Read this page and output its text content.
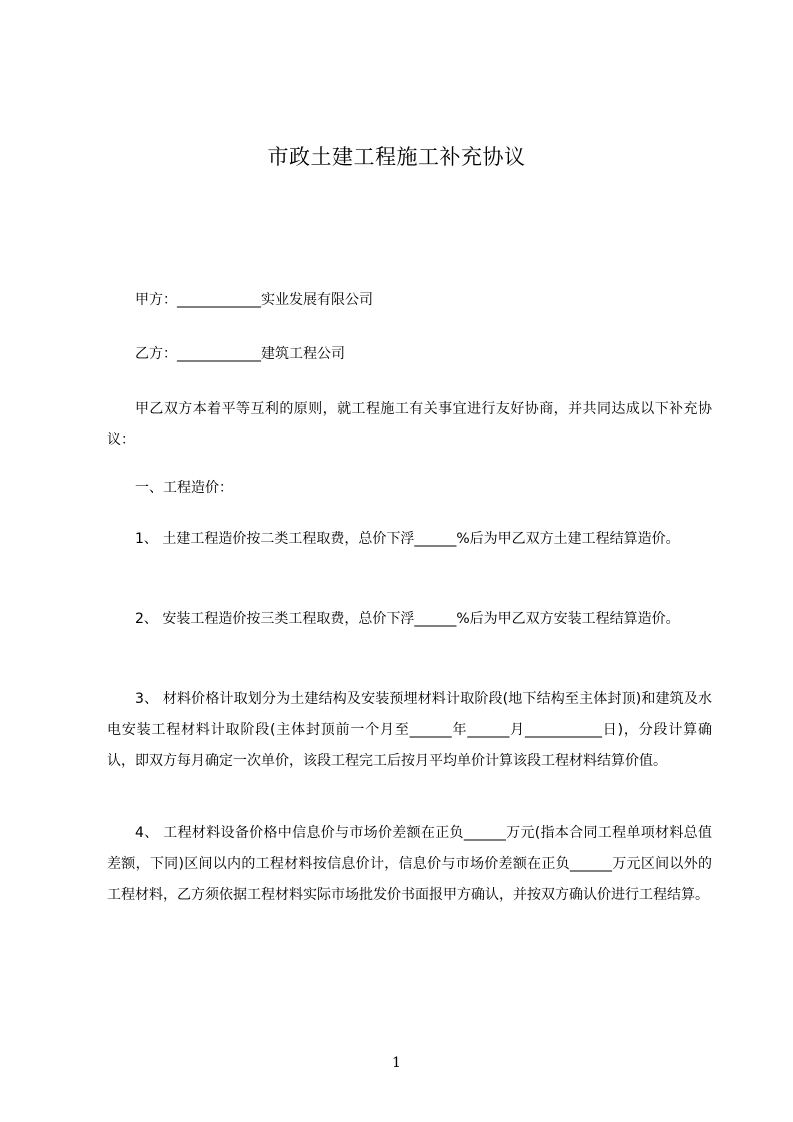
市政土建工程施工补充协议
甲方：____________实业发展有限公司
乙方：____________建筑工程公司
甲乙双方本着平等互利的原则，就工程施工有关事宜进行友好协商，并共同达成以下补充协议：
一、工程造价：
1、 土建工程造价按二类工程取费，总价下浮______%后为甲乙双方土建工程结算造价。
2、 安装工程造价按三类工程取费，总价下浮______%后为甲乙双方安装工程结算造价。
3、 材料价格计取划分为土建结构及安装预埋材料计取阶段(地下结构至主体封顶)和建筑及水电安装工程材料计取阶段(主体封顶前一个月至______年______月___________日)，分段计算确认，即双方每月确定一次单价，该段工程完工后按月平均单价计算该段工程材料结算价值。
4、 工程材料设备价格中信息价与市场价差额在正负______万元(指本合同工程单项材料总值差额，下同)区间以内的工程材料按信息价计，信息价与市场价差额在正负______万元区间以外的工程材料，乙方须依据工程材料实际市场批发价书面报甲方确认，并按双方确认价进行工程结算。
1
